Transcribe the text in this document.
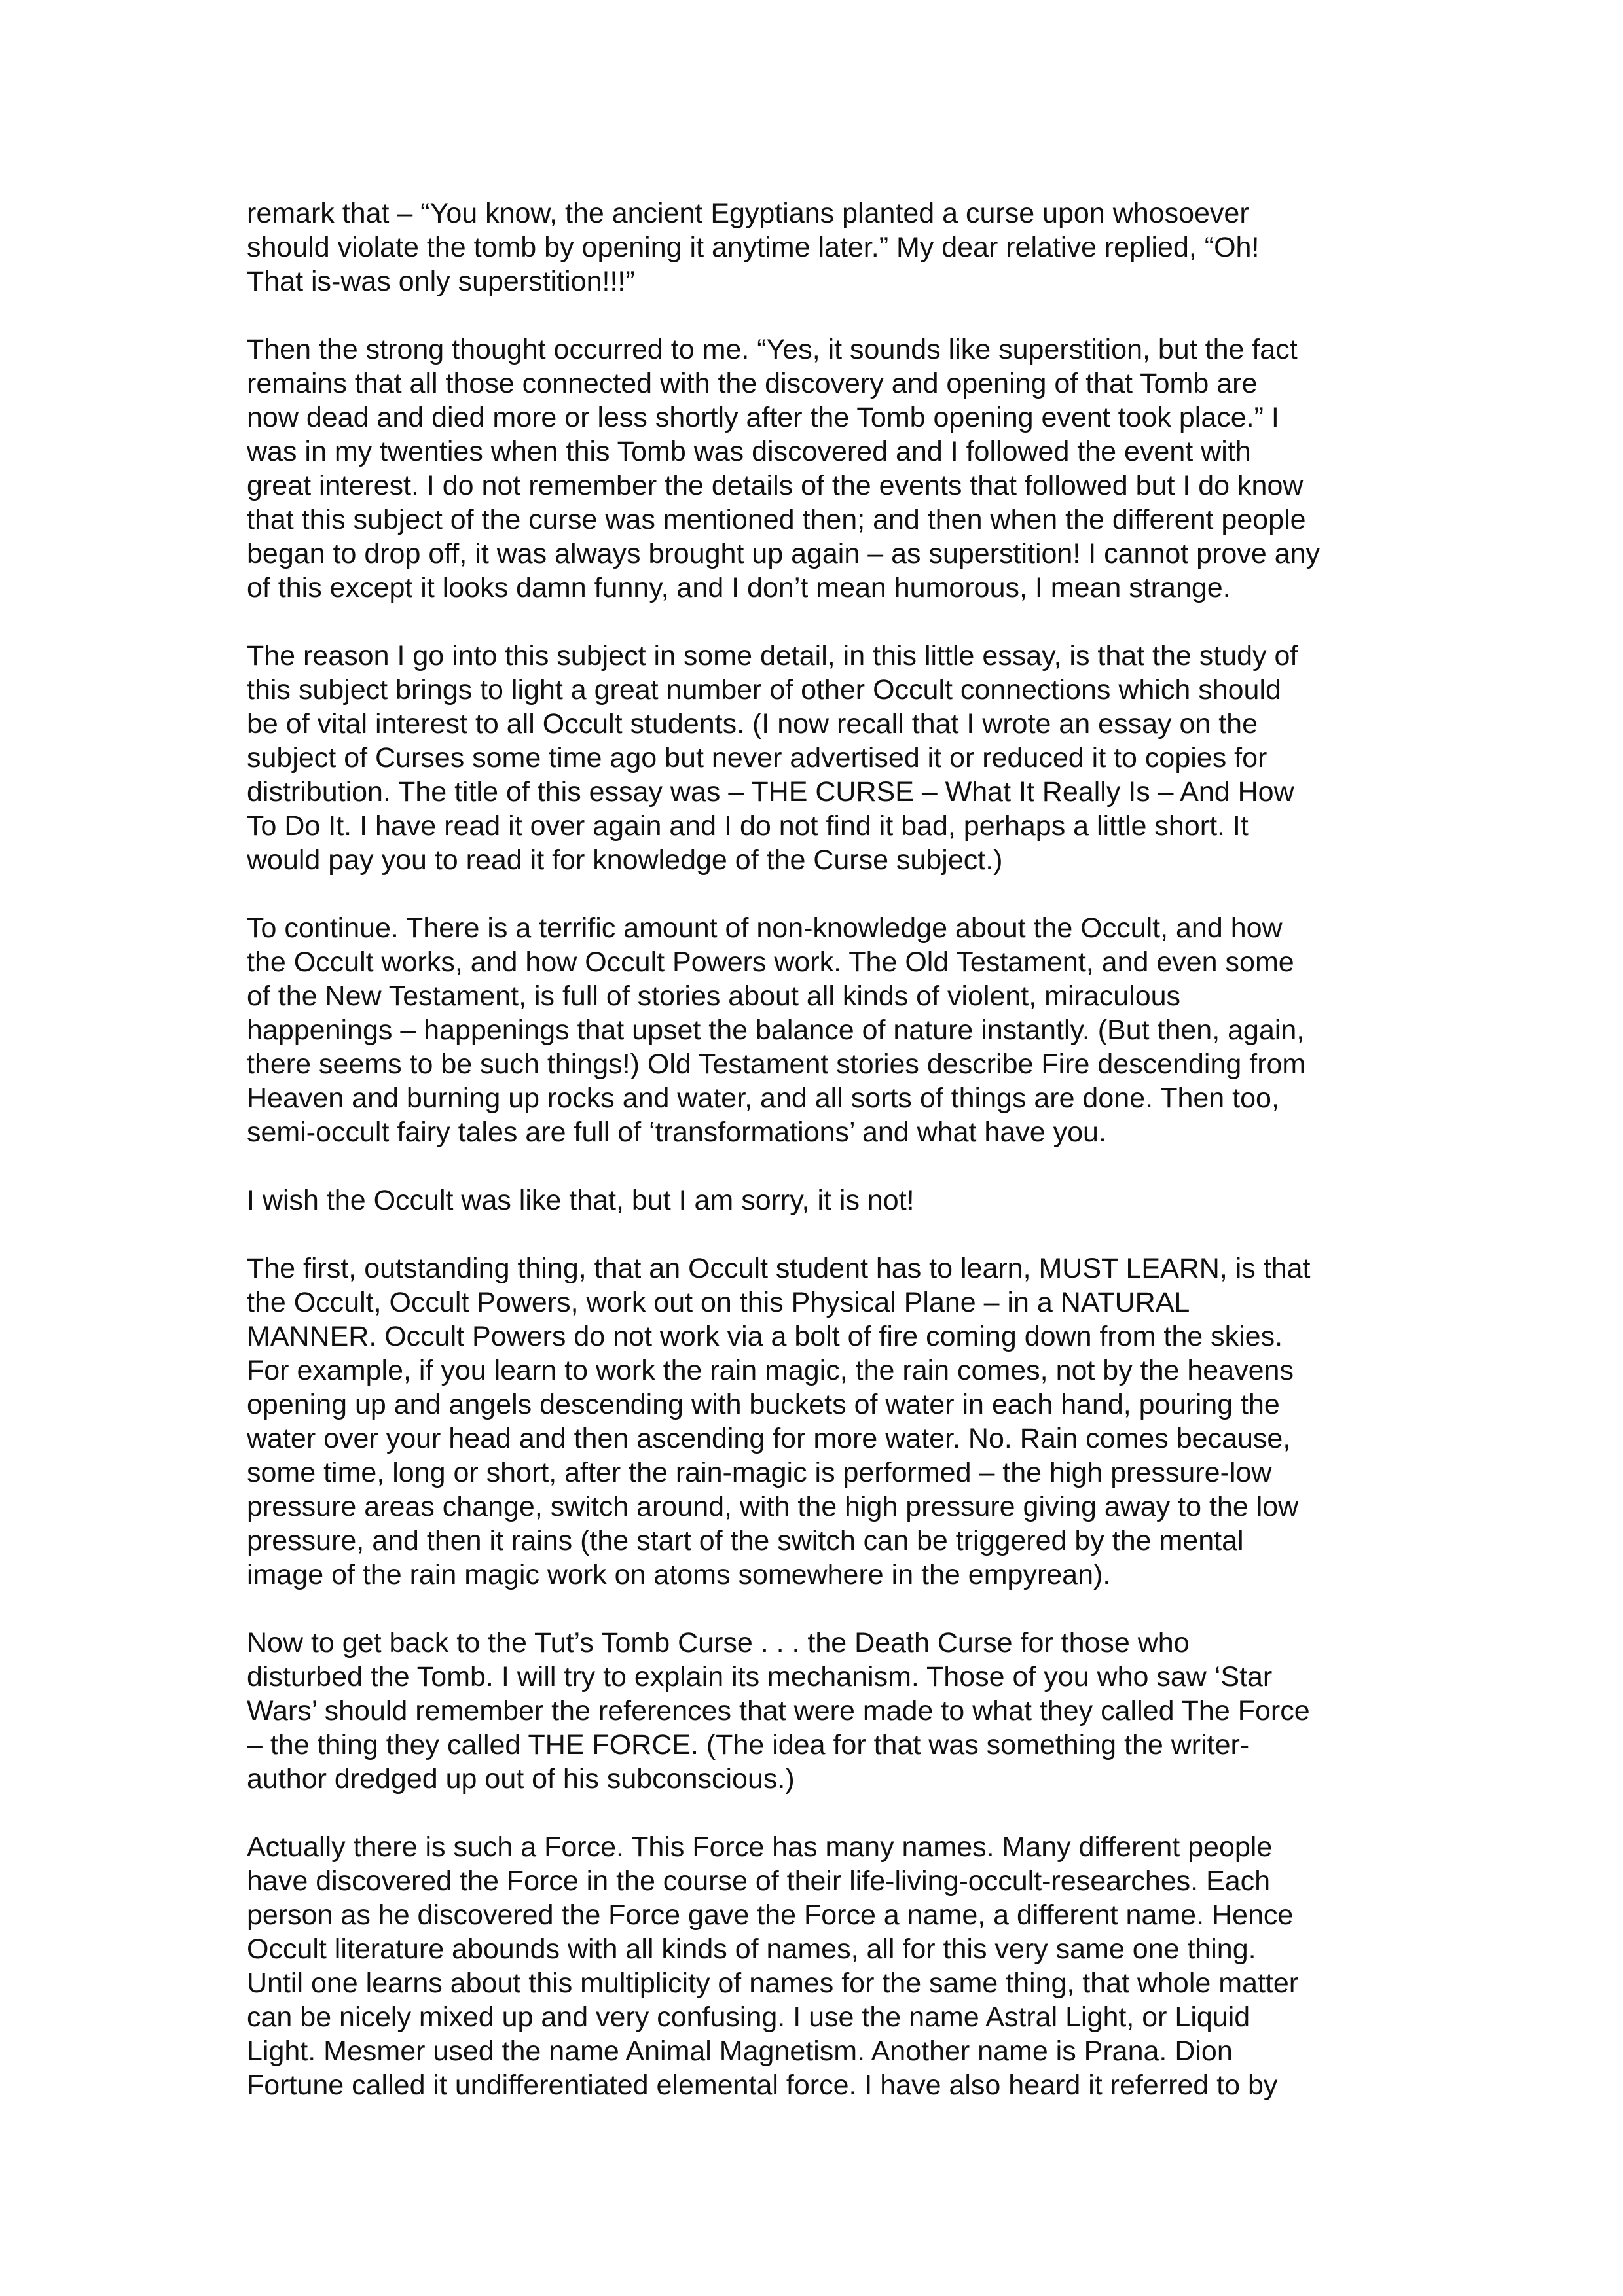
remark that – “You know, the ancient Egyptians planted a curse upon whosoever
should violate the tomb by opening it anytime later.” My dear relative replied, “Oh!
That is-was only superstition!!!”

Then the strong thought occurred to me. “Yes, it sounds like superstition, but the fact
remains that all those connected with the discovery and opening of that Tomb are
now dead and died more or less shortly after the Tomb opening event took place.” I
was in my twenties when this Tomb was discovered and I followed the event with
great interest. I do not remember the details of the events that followed but I do know
that this subject of the curse was mentioned then; and then when the different people
began to drop off, it was always brought up again – as superstition! I cannot prove any
of this except it looks damn funny, and I don’t mean humorous, I mean strange.

The reason I go into this subject in some detail, in this little essay, is that the study of
this subject brings to light a great number of other Occult connections which should
be of vital interest to all Occult students. (I now recall that I wrote an essay on the
subject of Curses some time ago but never advertised it or reduced it to copies for
distribution. The title of this essay was – THE CURSE – What It Really Is – And How
To Do It. I have read it over again and I do not find it bad, perhaps a little short. It
would pay you to read it for knowledge of the Curse subject.)

To continue. There is a terrific amount of non-knowledge about the Occult, and how
the Occult works, and how Occult Powers work. The Old Testament, and even some
of the New Testament, is full of stories about all kinds of violent, miraculous
happenings – happenings that upset the balance of nature instantly. (But then, again,
there seems to be such things!) Old Testament stories describe Fire descending from
Heaven and burning up rocks and water, and all sorts of things are done. Then too,
semi-occult fairy tales are full of ‘transformations’ and what have you.

I wish the Occult was like that, but I am sorry, it is not!

The first, outstanding thing, that an Occult student has to learn, MUST LEARN, is that
the Occult, Occult Powers, work out on this Physical Plane – in a NATURAL
MANNER. Occult Powers do not work via a bolt of fire coming down from the skies.
For example, if you learn to work the rain magic, the rain comes, not by the heavens
opening up and angels descending with buckets of water in each hand, pouring the
water over your head and then ascending for more water. No. Rain comes because,
some time, long or short, after the rain-magic is performed – the high pressure-low
pressure areas change, switch around, with the high pressure giving away to the low
pressure, and then it rains (the start of the switch can be triggered by the mental
image of the rain magic work on atoms somewhere in the empyrean).

Now to get back to the Tut’s Tomb Curse . . . the Death Curse for those who
disturbed the Tomb. I will try to explain its mechanism. Those of you who saw ‘Star
Wars’ should remember the references that were made to what they called The Force
– the thing they called THE FORCE. (The idea for that was something the writer-
author dredged up out of his subconscious.)

Actually there is such a Force. This Force has many names. Many different people
have discovered the Force in the course of their life-living-occult-researches. Each
person as he discovered the Force gave the Force a name, a different name. Hence
Occult literature abounds with all kinds of names, all for this very same one thing.
Until one learns about this multiplicity of names for the same thing, that whole matter
can be nicely mixed up and very confusing. I use the name Astral Light, or Liquid
Light. Mesmer used the name Animal Magnetism. Another name is Prana. Dion
Fortune called it undifferentiated elemental force. I have also heard it referred to by
